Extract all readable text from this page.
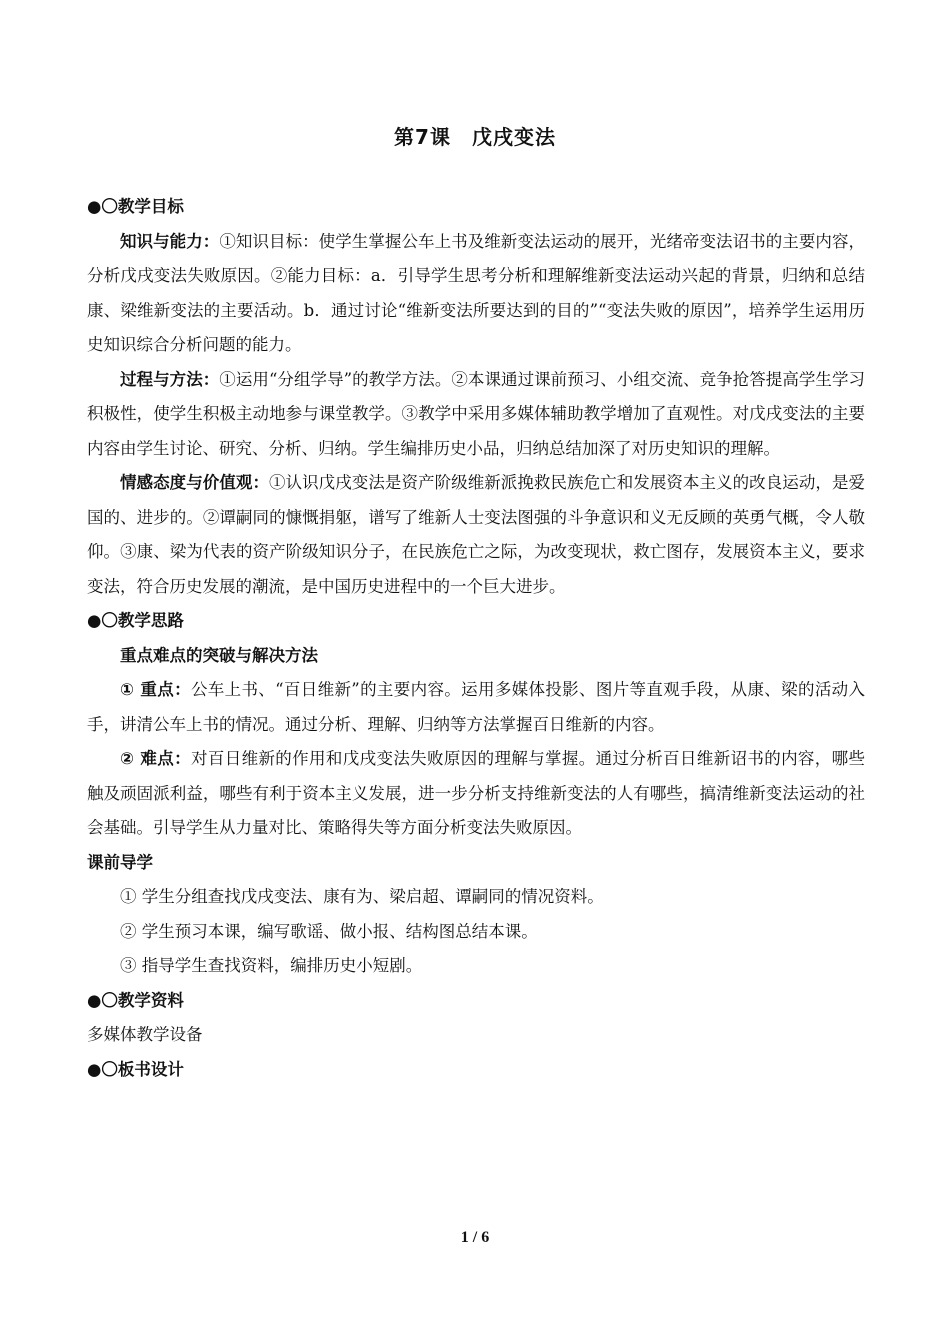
第7课　戊戌变法
●〇教学目标

知识与能力：①知识目标：使学生掌握公车上书及维新变法运动的展开，光绪帝变法诏书的主要内容，分析戊戌变法失败原因。②能力目标：a．引导学生思考分析和理解维新变法运动兴起的背景，归纳和总结康、梁维新变法的主要活动。b．通过讨论“维新变法所要达到的目的”“变法失败的原因”，培养学生运用历史知识综合分析问题的能力。

过程与方法：①运用“分组学导”的教学方法。②本课通过课前预习、小组交流、竞争抢答提高学生学习积极性，使学生积极主动地参与课堂教学。③教学中采用多媒体辅助教学增加了直观性。对戊戌变法的主要内容由学生讨论、研究、分析、归纳。学生编排历史小品，归纳总结加深了对历史知识的理解。

情感态度与价值观：①认识戊戌变法是资产阶级维新派挽救民族危亡和发展资本主义的改良运动，是爱国的、进步的。②谭嗣同的慷慨捐躯，谱写了维新人士变法图强的斗争意识和义无反顾的英勇气概，令人敬仰。③康、梁为代表的资产阶级知识分子，在民族危亡之际，为改变现状，救亡图存，发展资本主义，要求变法，符合历史发展的潮流，是中国历史进程中的一个巨大进步。

●〇教学思路
重点难点的突破与解决方法

① 重点：公车上书、“百日维新”的主要内容。运用多媒体投影、图片等直观手段，从康、梁的活动入手，讲清公车上书的情况。通过分析、理解、归纳等方法掌握百日维新的内容。

② 难点：对百日维新的作用和戊戌变法失败原因的理解与掌握。通过分析百日维新诏书的内容，哪些触及顽固派利益，哪些有利于资本主义发展，进一步分析支持维新变法的人有哪些，搞清维新变法运动的社会基础。引导学生从力量对比、策略得失等方面分析变法失败原因。

课前导学
① 学生分组查找戊戌变法、康有为、梁启超、谭嗣同的情况资料。
② 学生预习本课，编写歌谣、做小报、结构图总结本课。
③ 指导学生查找资料，编排历史小短剧。
●〇教学资料
多媒体教学设备
●〇板书设计
1 / 6
